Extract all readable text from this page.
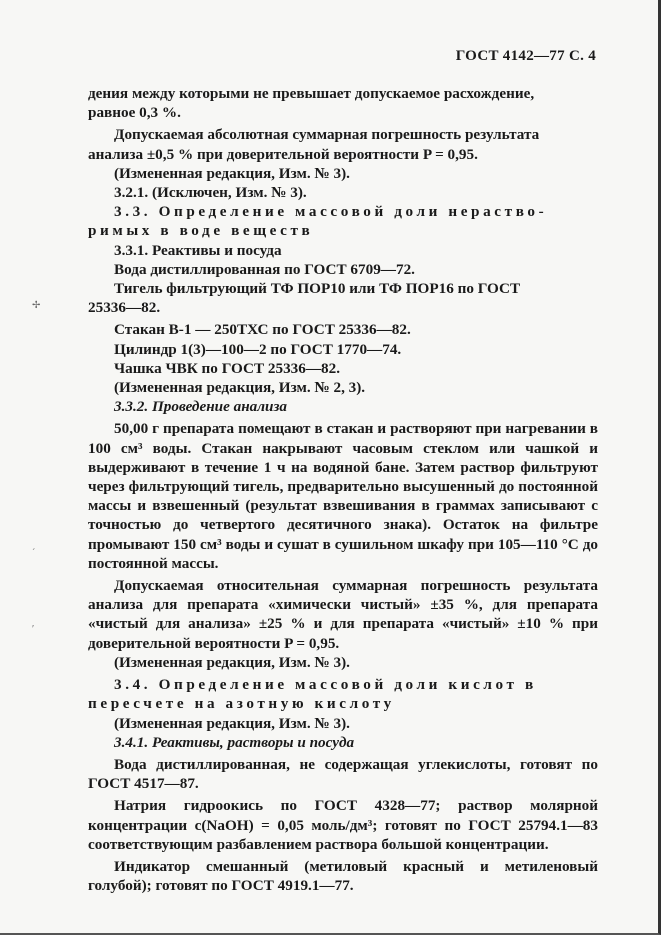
ГОСТ 4142—77 С. 4
✢
ˊ
ʹ

дения между которыми не превышает допускаемое расхождение,

равное 0,3 %.

Допускаемая абсолютная суммарная погрешность результата

анализа ±0,5 % при доверительной вероятности P = 0,95.

(Измененная редакция, Изм. № 3).

3.2.1. (Исключен, Изм. № 3).

3.3. Определение массовой доли нераство-

римых в воде веществ

3.3.1. Реактивы и посуда

Вода дистиллированная по ГОСТ 6709—72.

Тигель фильтрующий ТФ ПОР10 или ТФ ПОР16 по ГОСТ

25336—82.

Стакан В-1 — 250ТХС по ГОСТ 25336—82.

Цилиндр 1(3)—100—2 по ГОСТ 1770—74.

Чашка ЧВК по ГОСТ 25336—82.

(Измененная редакция, Изм. № 2, 3).

3.3.2. Проведение анализа

50,00 г препарата помещают в стакан и растворяют при нагревании в 100 см³ воды. Стакан накрывают часовым стеклом или чашкой и выдерживают в течение 1 ч на водяной бане. Затем раствор фильтруют через фильтрующий тигель, предварительно высушенный до постоянной массы и взвешенный (результат взвешивания в граммах записывают с точностью до четвертого десятичного знака). Остаток на фильтре промывают 150 см³ воды и сушат в сушильном шкафу при 105—110 °С до постоянной массы.

Допускаемая относительная суммарная погрешность результата анализа для препарата «химически чистый» ±35 %, для препарата «чистый для анализа» ±25 % и для препарата «чистый» ±10 % при доверительной вероятности P = 0,95.

(Измененная редакция, Изм. № 3).

3.4. Определение массовой доли кислот в

пересчете на азотную кислоту

(Измененная редакция, Изм. № 3).

3.4.1. Реактивы, растворы и посуда

Вода дистиллированная, не содержащая углекислоты, готовят по ГОСТ 4517—87.

Натрия гидроокись по ГОСТ 4328—77; раствор молярной концентрации c(NaOH) = 0,05 моль/дм³; готовят по ГОСТ 25794.1—83 соответствующим разбавлением раствора большой концентрации.

Индикатор смешанный (метиловый красный и метиленовый голубой); готовят по ГОСТ 4919.1—77.
